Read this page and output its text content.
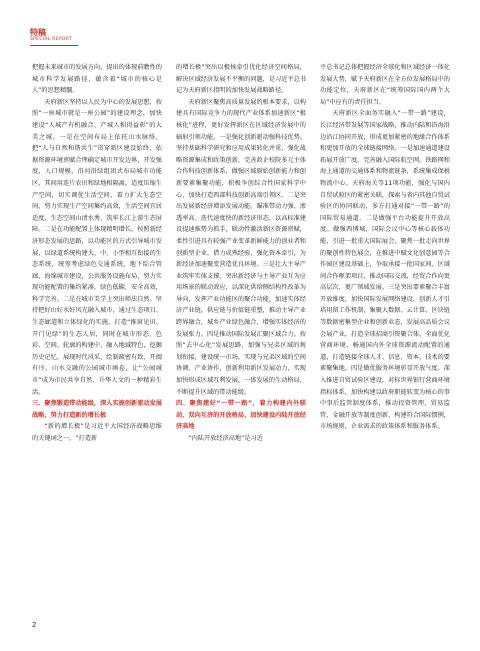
特稿
SPECIAL REPORT

把握未来城市的发展方向，提出的体现前瞻性的城市科学发展路径，蕴含着“城市的核心是人”的思想精髓。

天府新区坚持以人民为中心的发展思想，按照“一座城市就是一座公园”的建设理念，加快建设“人城产有机融合、产城人相得益彰”的大美之城。一是在空间布局上依托山水脉络，把“人与自然和谐共生”贯穿新区建设始终，依据资源环境禀赋合理确定城市开发边界，开发强度，人口规模，沿河沿绿组团式布局城市功能区，其间用连片农田和绿地相隔离，适度压缩生产空间，切实调优生活空间，着力扩大生态空间，努力实现生产空间集约高效，生活空间宜居适度，生态空间山清水秀，筑牢长江上游生态屏障。二是在功能配置上体现精明增长。按照新经济形态发展的思路，以功能区的方式引导城市发展，以绿道系统构建大、中、小型相互衔接的生态系统，统筹考虑绿色交通系统，地下综合管廊，海绵城市建设，公共服务设施布局，努力实现功能配置的集约紧凑，绿色低碳，安全高效，科学完善。二是在城市美学上突出师法自然。坚持把好山好水好风光融入城市，通过生态项目、生态廊道和立体绿化的实施，打造“推窗见田、开门见绿”的生态人居，同时在城市形态、色彩、空间、轮廓的构建中，融入地域特色，挖掘历史记忆，展现时代风采，绘制疏密有致、开阖有序、山水交融的公园城市画卷，让“公园城市”成为市民共享自然、升华人文的一种精彩生活。

三、聚焦锻造带动能级，深入实施创新驱动发展战略，努力打造新的增长极

“新的增长极”是习近平大国经济战略思维的关键词之一。“打造新

的增长极”突出以极核牵引优化经济空间格局，解决区域经济发展不平衡的问题，是习近平总书记为天府新区指明的加快发展战略路径。

天府新区聚焦高质量发展的根本要求，以构建具有国际竞争力的现代产业体系加速新区“极核化”进程，更好发挥新区在区域经济发展中的辐射引领功能。一是强化创新驱动强科技优势。坚持基础科学研究和应用成果转化并重，强化战略资源集成和政策创新，完善政企校院多元主体合作科技创新体系，做强区域原始创新能力和创新要素集聚功能，积极争创综合性国家科学中心，加快打造西部科技创新高端引领区。二是突出发展新经济增添发展动能。瞄准带动力强、渗透率高、迭代速度快的新经济形态，以高标准建设提速推势为抓手，联动性激活新区资源禀赋，柔性引进具有较强产业变革新鲜能力的创业者和创新型企业，借力成熟经验，强化资本牵引，为新经济加速聚变营造优良环境。三是壮大主导产业筑牢实体支撑。突出新经济与主导产业互为应用场景的联动效应，以深化供给侧结构性改革为导向，发挥产业功能区的聚合功能，加速实体经济产业链，供应链与价值链重塑，推动主导产业跨界融合，城乡产业绿色融合，增强实体经济的发展张力。四是推动国际发展汇聚区域合力。按照“去中心化”发展思路，加强与兄弟区域的规划衔接，建设统一市场，实现与兄弟区域的空间协调、产业协作，创新利用新区发展动力，实现加快形成区域互利发展，一体发展的生动格局，不断提升区域的带动能级。

四、聚焦建好“一带一路”，着力构建内外联动、双向互济的开放格局，加快建设内陆开放经济高地

“内陆开放经济高地”是习近

平总书记总体把握经济全球化和区域经济一体化发展大势，赋予天府新区在全方位发展格局中的功能定位，天府新区在“统筹国际国内两个大局”中应有的责任担当。

天府新区全面务实融入“一带一路”建设，长江经济带发展等国家战略，推动内陆和沿海沿边沿江协同开放，形成更加紧密的地缘合作体系和更加开放的全球链接网络。一是加速通道建设拓展开放广度。完善融入国际航空网，铁路网和海上通道的交通体系和物流链条，系统集成保税物流中心、天府海关等11项功能，强化与国内自贸试验区的紧密关联，探索与省内其他自贸试验区的协同联动，多方打通对接“一带一路”的国际贸易通道。二是做强平台功能提升开放高度。做强西博城，国际会议中心等核心载体功能，引进一批重大国际展会，聚焦一批走向世界的聚创性特色展会，在推进中赋文化创意园等合作园区建设基础上，争取承接一批国家间、区域间合作框架项目，推动国际交流，经贸合作向更高层次、更广领域发展。三是突出要素聚合丰富开放维度。加快国际发展网络建设，创新人才引培用留工作机制，集聚大数据、云计算、区块链等数据密集型企业和创新业态，发展高品质会议会展产业，打造全球招商引资聚合体，全面优化营商环境，畅通国内外全球资源流动配置的通道，打造链接全球人才、信息、资本，技术的要素聚集地。四是做优服务环境彰显开放气度。深入推进自贸试验区建设，对标世界银行营商环境指标体系，加快构建以政府职能转变为核心的事中事后监管制度体系，推动投资管理，贸易监管，金融开放等制度创新，构建符合国际惯例，市场规则，企业需求的政策体系和服务体系。

2
